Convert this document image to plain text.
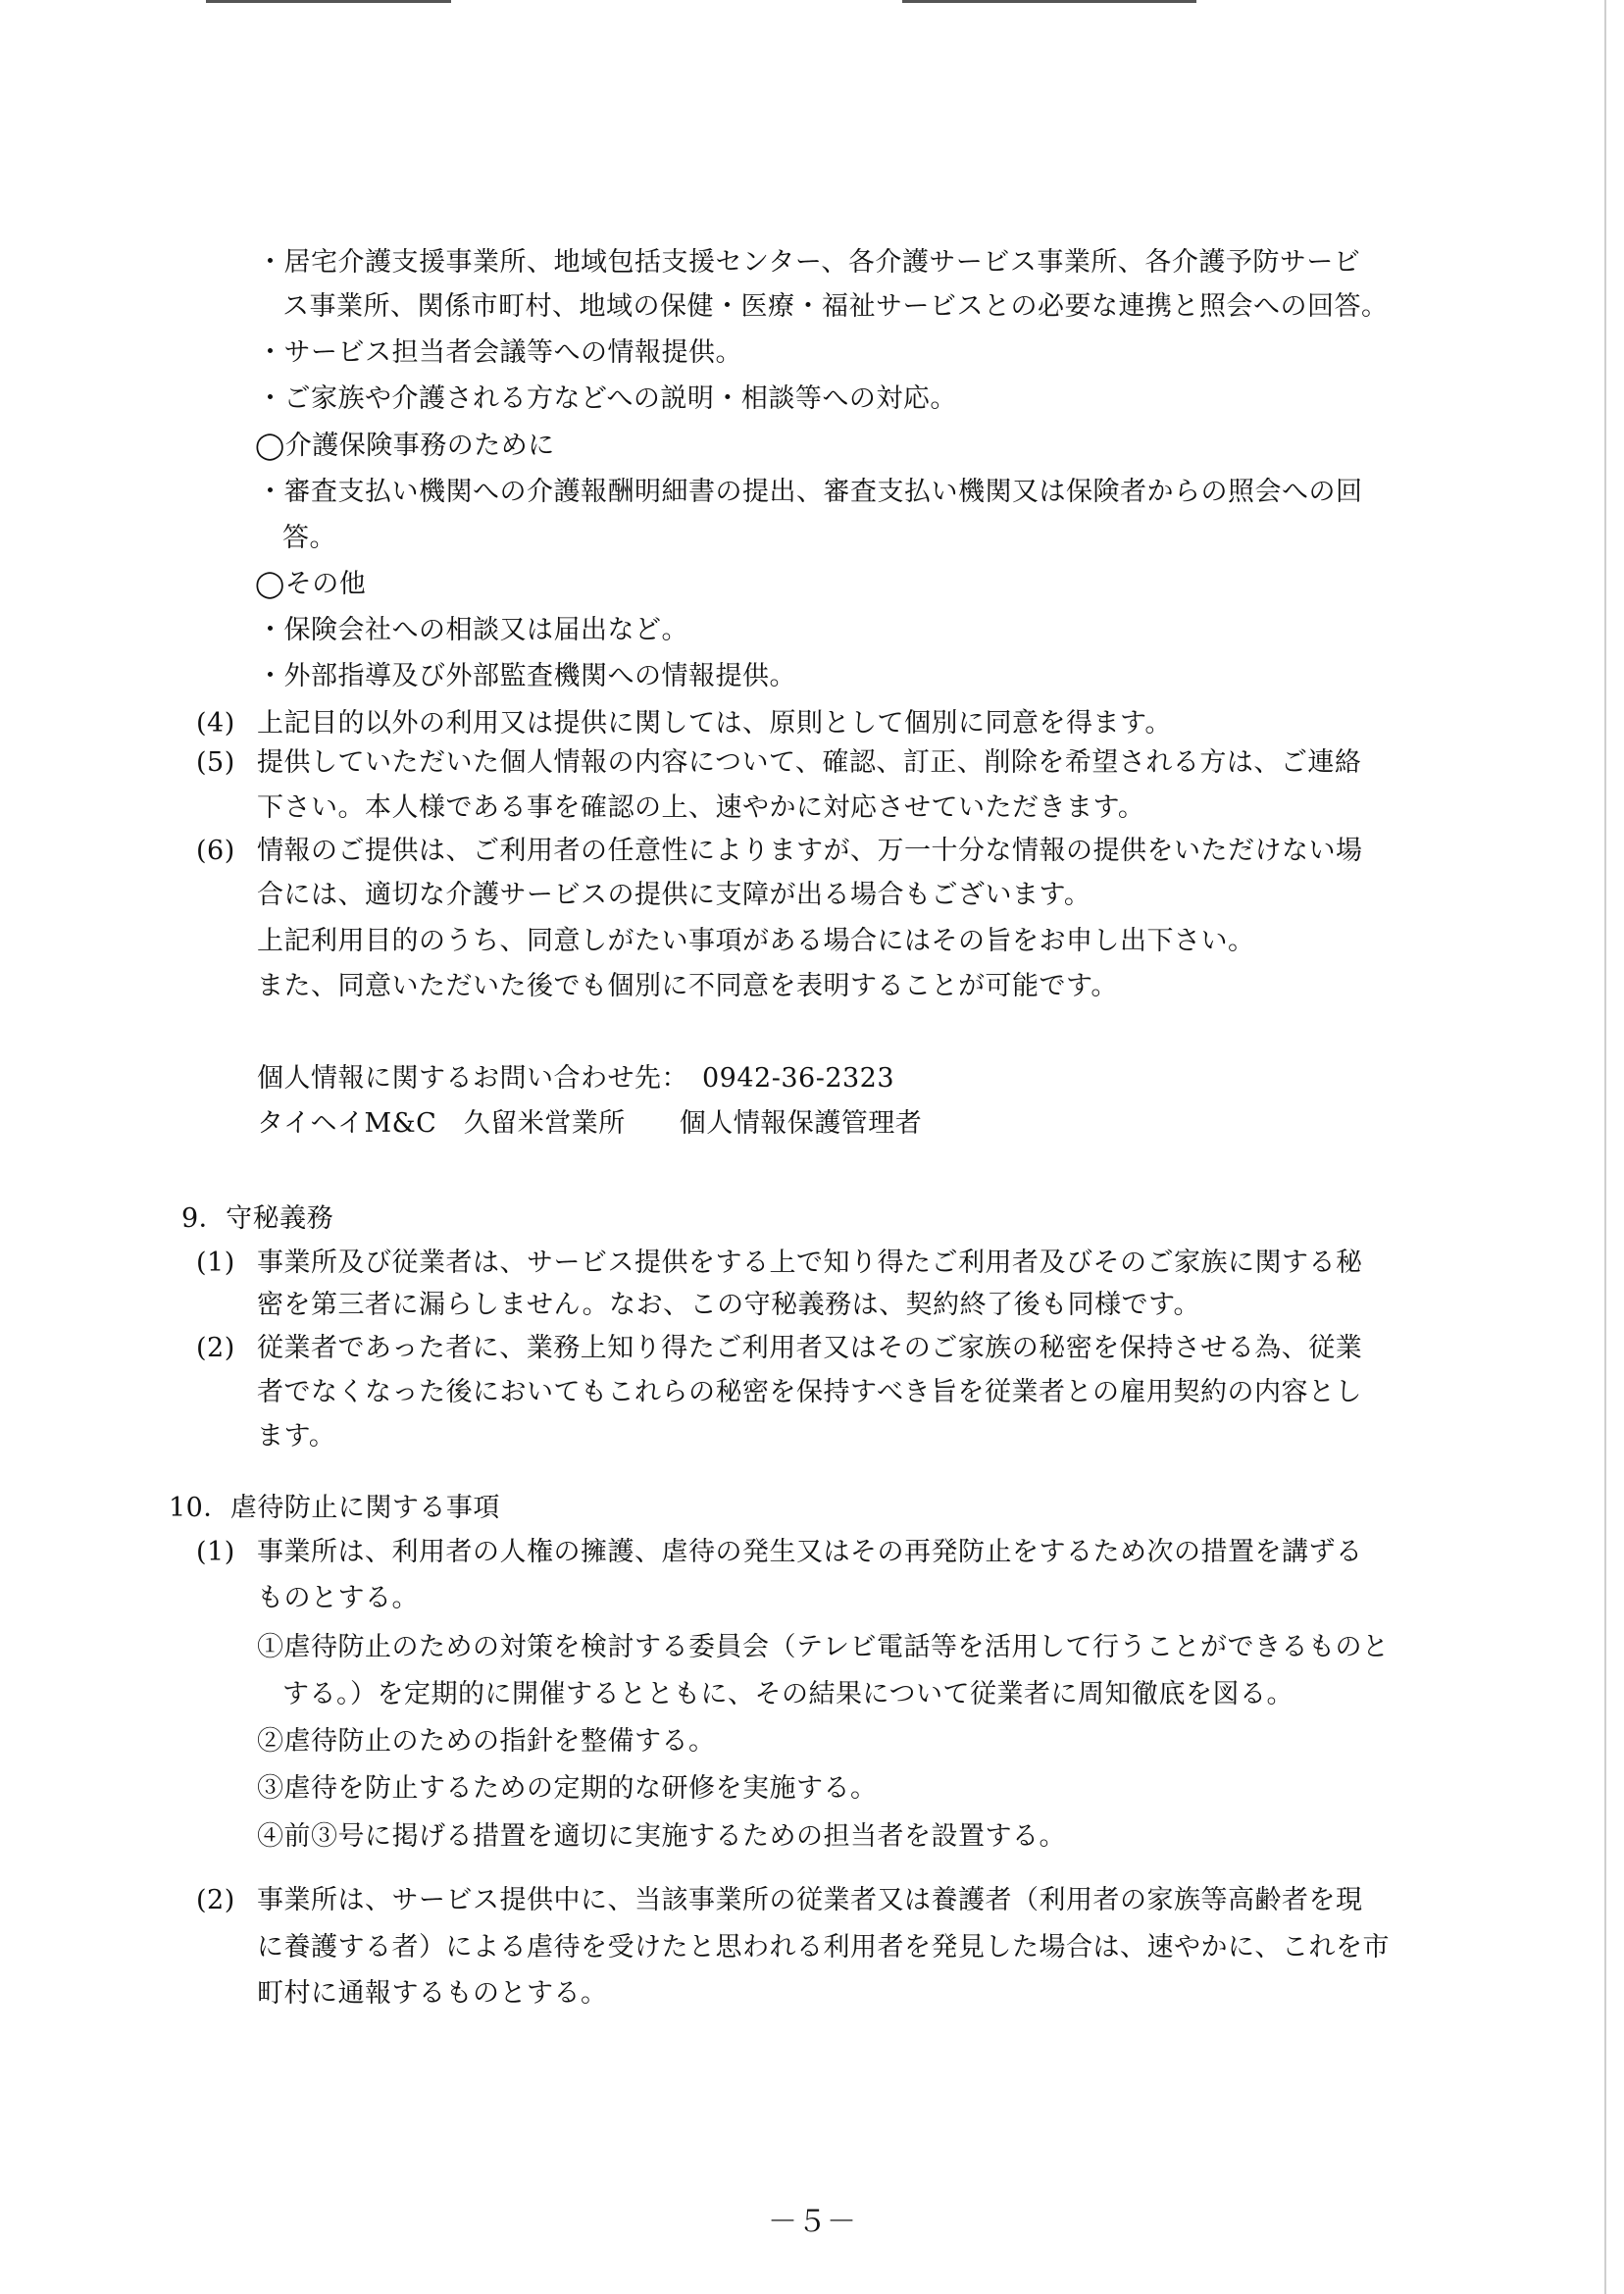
・居宅介護支援事業所、地域包括支援センター、各介護サービス事業所、各介護予防サービ
ス事業所、関係市町村、地域の保健・医療・福祉サービスとの必要な連携と照会への回答。
・サービス担当者会議等への情報提供。
・ご家族や介護される方などへの説明・相談等への対応。
◯介護保険事務のために
・審査支払い機関への介護報酬明細書の提出、審査支払い機関又は保険者からの照会への回
答。
◯その他
・保険会社への相談又は届出など。
・外部指導及び外部監査機関への情報提供。
(4) 上記目的以外の利用又は提供に関しては、原則として個別に同意を得ます。
(5) 提供していただいた個人情報の内容について、確認、訂正、削除を希望される方は、ご連絡
下さい。本人様である事を確認の上、速やかに対応させていただきます。
(6) 情報のご提供は、ご利用者の任意性によりますが、万一十分な情報の提供をいただけない場
合には、適切な介護サービスの提供に支障が出る場合もございます。
上記利用目的のうち、同意しがたい事項がある場合にはその旨をお申し出下さい。
また、同意いただいた後でも個別に不同意を表明することが可能です。
個人情報に関するお問い合わせ先：　0942-36-2323
タイヘイM&C　久留米営業所　　個人情報保護管理者
9．守秘義務
(1) 事業所及び従業者は、サービス提供をする上で知り得たご利用者及びそのご家族に関する秘
密を第三者に漏らしません。なお、この守秘義務は、契約終了後も同様です。
(2) 従業者であった者に、業務上知り得たご利用者又はそのご家族の秘密を保持させる為、従業
者でなくなった後においてもこれらの秘密を保持すべき旨を従業者との雇用契約の内容とし
ます。
10．虐待防止に関する事項
(1) 事業所は、利用者の人権の擁護、虐待の発生又はその再発防止をするため次の措置を講ずる
ものとする。
①虐待防止のための対策を検討する委員会（テレビ電話等を活用して行うことができるものと
する。）を定期的に開催するとともに、その結果について従業者に周知徹底を図る。
②虐待防止のための指針を整備する。
③虐待を防止するための定期的な研修を実施する。
④前③号に掲げる措置を適切に実施するための担当者を設置する。
(2) 事業所は、サービス提供中に、当該事業所の従業者又は養護者（利用者の家族等高齢者を現
に養護する者）による虐待を受けたと思われる利用者を発見した場合は、速やかに、これを市
町村に通報するものとする。
－５－
